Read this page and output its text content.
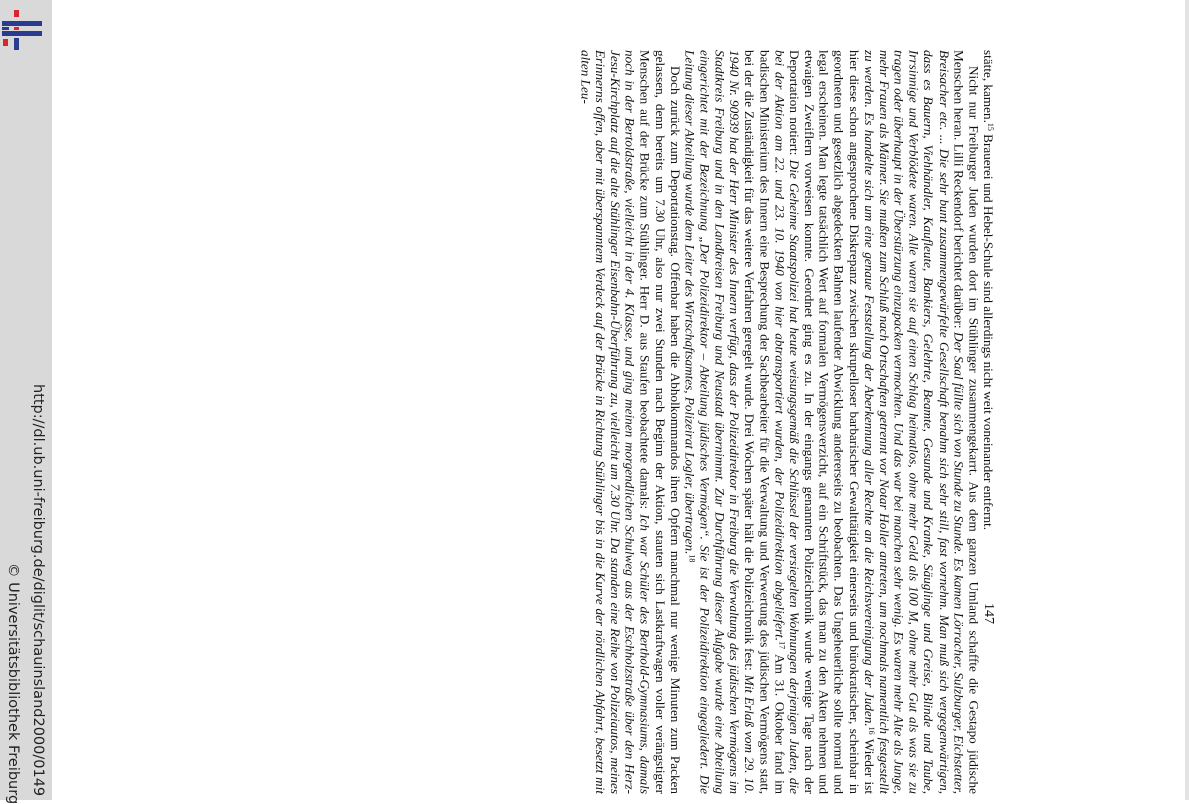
http://dl.ub.uni-freiburg.de/diglit/schauinsland2000/0149
© Universitätsbibliothek Freiburg

stätte, kamen.$^{15}$ Brauerei und Hebel-Schule sind allerdings nicht weit voneinander entfernt.

Nicht nur Freiburger Juden wurden dort im Stühlinger zusammengekarrt. Aus dem ganzen Umland schaffte die Gestapo jüdische Menschen heran. Lilli Reckendorf berichtet darüber: Der Saal füllte sich von Stunde zu Stunde. Es kamen Lörracher, Sulzburger, Eichstetter, Breisacher etc. ... Die sehr bunt zusammengewürfelte Gesellschaft benahm sich sehr still, fast vornehm. Man muß sich vergegenwärtigen, dass es Bauern, Viehhändler, Kaufleute, Bankiers, Gelehrte, Beamte, Gesunde und Kranke, Säuglinge und Greise, Blinde und Taube, Irrsinnige und Verblödete waren. Alle waren sie auf einen Schlag heimatlos, ohne mehr Geld als 100 M, ohne mehr Gut als was sie zu tragen oder überhaupt in der Überstürzung einzupacken vermochten. Und das war bei manchen sehr wenig. Es waren mehr Alte als Junge, mehr Frauen als Männer. Sie mußten zum Schluß nach Ortschaften getrennt vor Notar Holler antreten, um nochmals namentlich festgestellt zu werden. Es handelte sich um eine genaue Feststellung der Aberkennung aller Rechte an die Reichsvereinigung der Juden.$^{16}$ Wieder ist hier diese schon angesprochene Diskrepanz zwischen skrupelloser barbarischer Gewalttätigkeit einerseits und bürokratischer, scheinbar in geordneten und gesetzlich abgedeckten Bahnen laufender Abwicklung andererseits zu beobachten. Das Ungeheuerliche sollte normal und legal erscheinen. Man legte tatsächlich Wert auf formalen Vermögensverzicht, auf ein Schriftstück, das man zu den Akten nehmen und etwaigen Zweiflern vorweisen konnte. Geordnet ging es zu. In der eingangs genannten Polizeichronik wurde wenige Tage nach der Deportation notiert: Die Geheime Staatspolizei hat heute weisungsgemäß die Schlüssel der versiegelten Wohnungen derjenigen Juden, die bei der Aktion am 22. und 23. 10. 1940 von hier abtransportiert wurden, der Polizeidirektion abgeliefert.$^{17}$ Am 31. Oktober fand im badischen Ministerium des Innern eine Besprechung der Sachbearbeiter für die Verwaltung und Verwertung des jüdischen Vermögens statt, bei der die Zuständigkeit für das weitere Verfahren geregelt wurde. Drei Wochen später hält die Polizeichronik fest: Mit Erlaß vom 29. 10. 1940 Nr. 90939 hat der Herr Minister des Innern verfügt, dass der Polizeidirektor in Freiburg die Verwaltung des jüdischen Vermögens im Stadtkreis Freiburg und in den Landkreisen Freiburg und Neustadt übernimmt. Zur Durchführung dieser Aufgabe wurde eine Abteilung eingerichtet mit der Bezeichnung „Der Polizeidirektor – Abteilung jüdisches Vermögen“. Sie ist der Polizeidirektion eingegliedert. Die Leitung dieser Abteilung wurde dem Leiter des Wirtschaftsamtes, Polizeirat Logler, übertragen.$^{18}$

Doch zurück zum Deportationstag. Offenbar haben die Abholkommandos ihren Opfern manchmal nur wenige Minuten zum Packen gelassen, denn bereits um 7.30 Uhr, also nur zwei Stunden nach Beginn der Aktion, stauten sich Lastkraftwagen voller verängstigter Menschen auf der Brücke zum Stühlinger. Herr D. aus Staufen beobachtete damals: Ich war Schüler des Berthold-Gymnasiums, damals noch in der Bertoldstraße, vielleicht in der 4. Klasse, und ging meinen morgendlichen Schulweg aus der Eschholzstraße über den Herz-Jesu-Kirchplatz auf die alte Stühlinger Eisenbahn-Überführung zu, vielleicht um 7.30 Uhr. Da standen eine Reihe von Polizeiautos, meines Erinnerns offen, aber mit überspanntem Verdeck auf der Brücke in Richtung Stühlinger bis in die Kurve der nördlichen Abfahrt, besetzt mit alten Leu-

147
